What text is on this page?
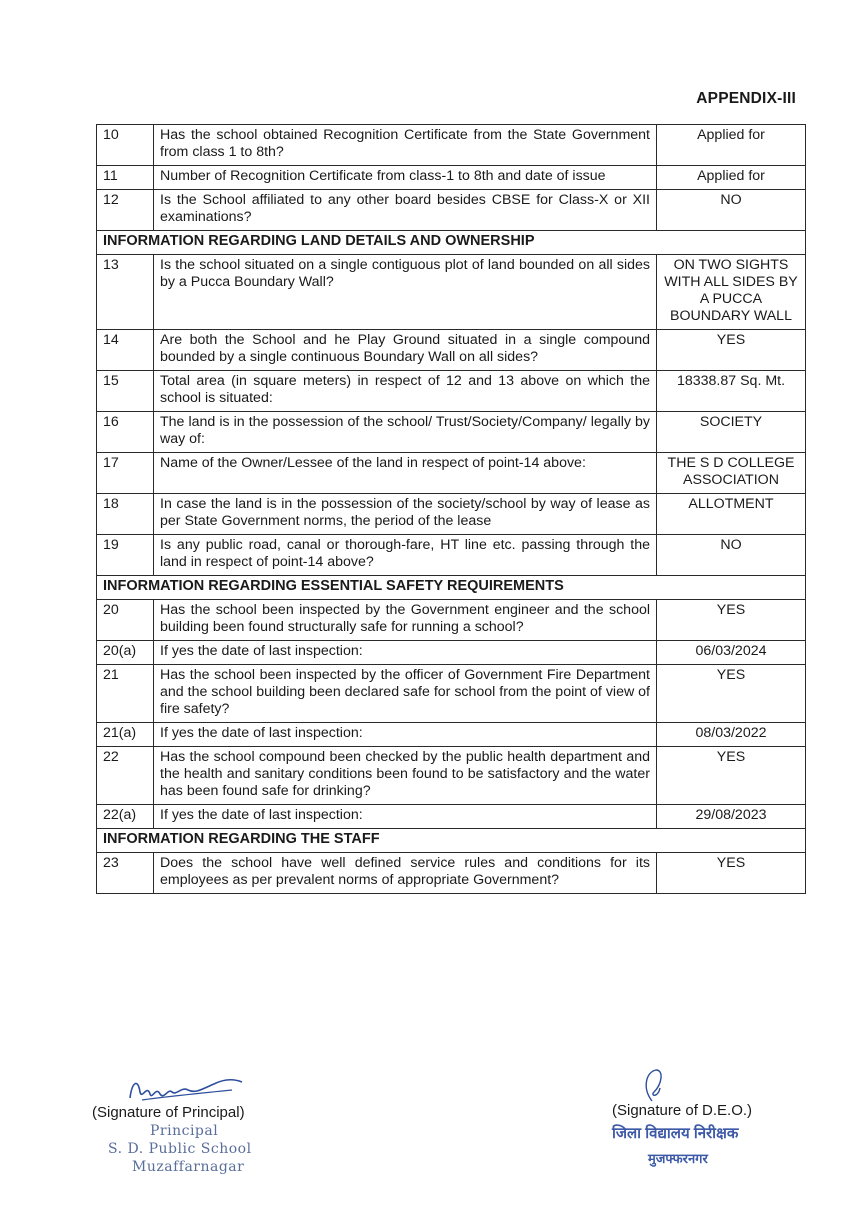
APPENDIX-III
10	Has the school obtained Recognition Certificate from the State Government from class 1 to 8th?	Applied for
11	Number of Recognition Certificate from class-1 to 8th and date of issue	Applied for
12	Is the School affiliated to any other board besides CBSE for Class-X or XII examinations?	NO
INFORMATION REGARDING LAND DETAILS AND OWNERSHIP		
13	Is the school situated on a single contiguous plot of land bounded on all sides by a Pucca Boundary Wall?	ON TWO SIGHTS WITH ALL SIDES BY A PUCCA BOUNDARY WALL
14	Are both the School and he Play Ground situated in a single compound bounded by a single continuous Boundary Wall on all sides?	YES
15	Total area (in square meters) in respect of 12 and 13 above on which the school is situated:	18338.87 Sq. Mt.
16	The land is in the possession of the school/ Trust/Society/Company/ legally by way of:	SOCIETY
17	Name of the Owner/Lessee of the land in respect of point-14 above:	THE S D COLLEGE ASSOCIATION
18	In case the land is in the possession of the society/school by way of lease as per State Government norms, the period of the lease	ALLOTMENT
19	Is any public road, canal or thorough-fare, HT line etc. passing through the land in respect of point-14 above?	NO
INFORMATION REGARDING ESSENTIAL SAFETY REQUIREMENTS		
20	Has the school been inspected by the Government engineer and the school building been found structurally safe for running a school?	YES
20(a)	If yes the date of last inspection:	06/03/2024
21	Has the school been inspected by the officer of Government Fire Department and the school building been declared safe for school from the point of view of fire safety?	YES
21(a)	If yes the date of last inspection:	08/03/2022
22	Has the school compound been checked by the public health department and the health and sanitary conditions been found to be satisfactory and the water has been found safe for drinking?	YES
22(a)	If yes the date of last inspection:	29/08/2023
INFORMATION REGARDING THE STAFF		
23	Does the school have well defined service rules and conditions for its employees as per prevalent norms of appropriate Government?	YES
(Signature of Principal)
Principal
S. D. Public School
Muzaffarnagar
(Signature of D.E.O.)
जिला विद्यालय निरीक्षक
मुजफ्फरनगर
